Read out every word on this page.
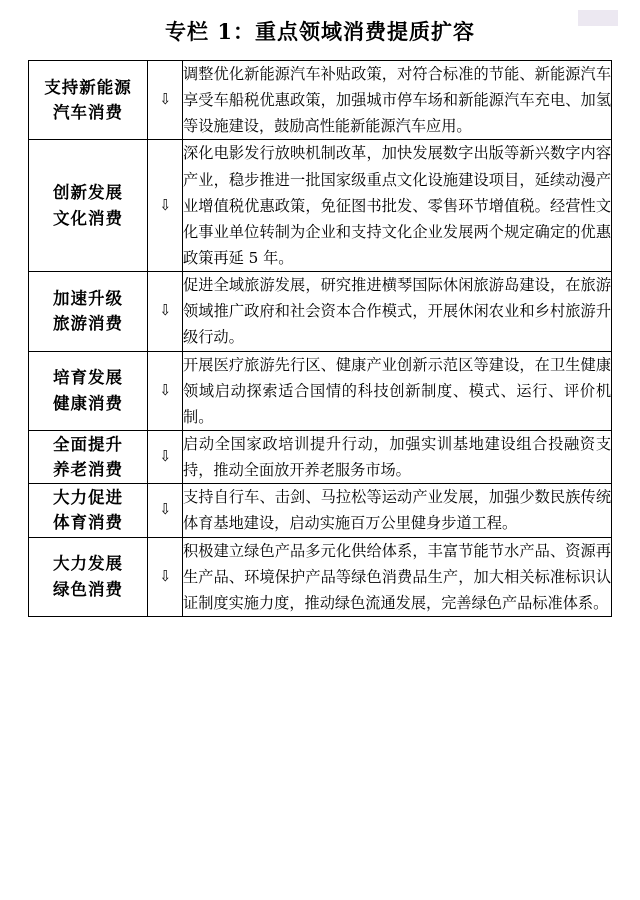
专栏 1：重点领域消费提质扩容
支持新能源
汽车消费	⇩	调整优化新能源汽车补贴政策，对符合标准的节能、新能源汽车享受车船税优惠政策，加强城市停车场和新能源汽车充电、加氢等设施建设，鼓励高性能新能源汽车应用。
创新发展
文化消费	⇩	深化电影发行放映机制改革，加快发展数字出版等新兴数字内容产业，稳步推进一批国家级重点文化设施建设项目，延续动漫产业增值税优惠政策，免征图书批发、零售环节增值税。经营性文化事业单位转制为企业和支持文化企业发展两个规定确定的优惠政策再延 5 年。
加速升级
旅游消费	⇩	促进全域旅游发展，研究推进横琴国际休闲旅游岛建设，在旅游领域推广政府和社会资本合作模式，开展休闲农业和乡村旅游升级行动。
培育发展
健康消费	⇩	开展医疗旅游先行区、健康产业创新示范区等建设，在卫生健康领域启动探索适合国情的科技创新制度、模式、运行、评价机制。
全面提升
养老消费	⇩	启动全国家政培训提升行动，加强实训基地建设组合投融资支持，推动全面放开养老服务市场。
大力促进
体育消费	⇩	支持自行车、击剑、马拉松等运动产业发展，加强少数民族传统体育基地建设，启动实施百万公里健身步道工程。
大力发展
绿色消费	⇩	积极建立绿色产品多元化供给体系，丰富节能节水产品、资源再生产品、环境保护产品等绿色消费品生产，加大相关标准标识认证制度实施力度，推动绿色流通发展，完善绿色产品标准体系。
